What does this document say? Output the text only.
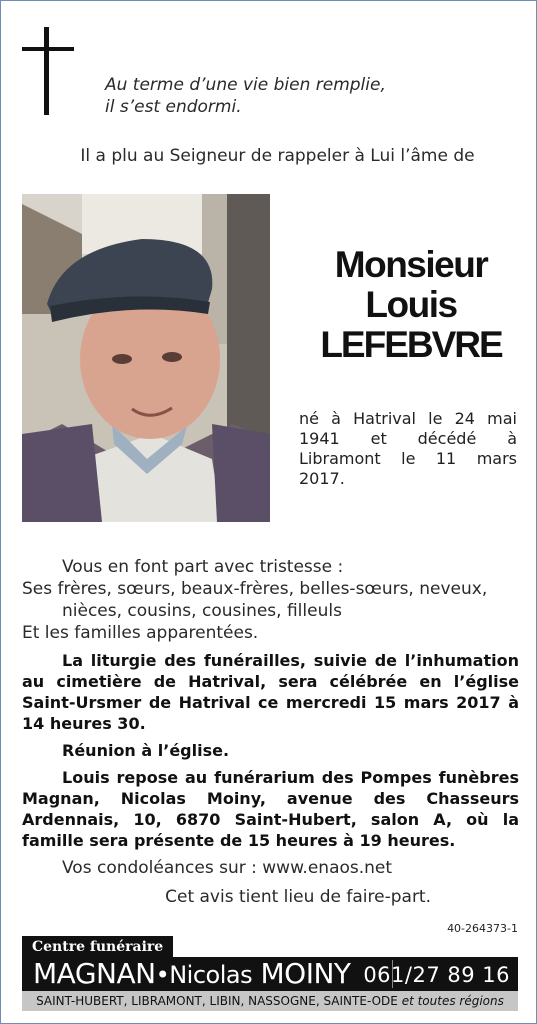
Au terme d’une vie bien remplie,
il s’est endormi.
Il a plu au Seigneur de rappeler à Lui l’âme de
Monsieur
Louis
LEFEBVRE
né à Hatrival le 24 mai 1941 et décédé à Libramont le 11 mars 2017.

Vous en font part avec tristesse :

Ses frères, sœurs, beaux-frères, belles-sœurs, neveux, nièces, cousins, cousines, filleuls

Et les familles apparentées.

La liturgie des funérailles, suivie de l’inhumation au cimetière de Hatrival, sera célébrée en l’église Saint-Ursmer de Hatrival ce mercredi 15 mars 2017 à 14 heures 30.

Réunion à l’église.

Louis repose au funérarium des Pompes funèbres Magnan, Nicolas Moiny, avenue des Chasseurs Ardennais, 10, 6870 Saint-Hubert, salon A, où la famille sera présente de 15 heures à 19 heures.

Vos condoléances sur : www.enaos.net

Cet avis tient lieu de faire-part.

40-264373-1
Centre funéraire
MAGNAN•Nicolas MOINY 061/27 89 16
SAINT-HUBERT, LIBRAMONT, LIBIN, NASSOGNE, SAINTE-ODE et toutes régions
